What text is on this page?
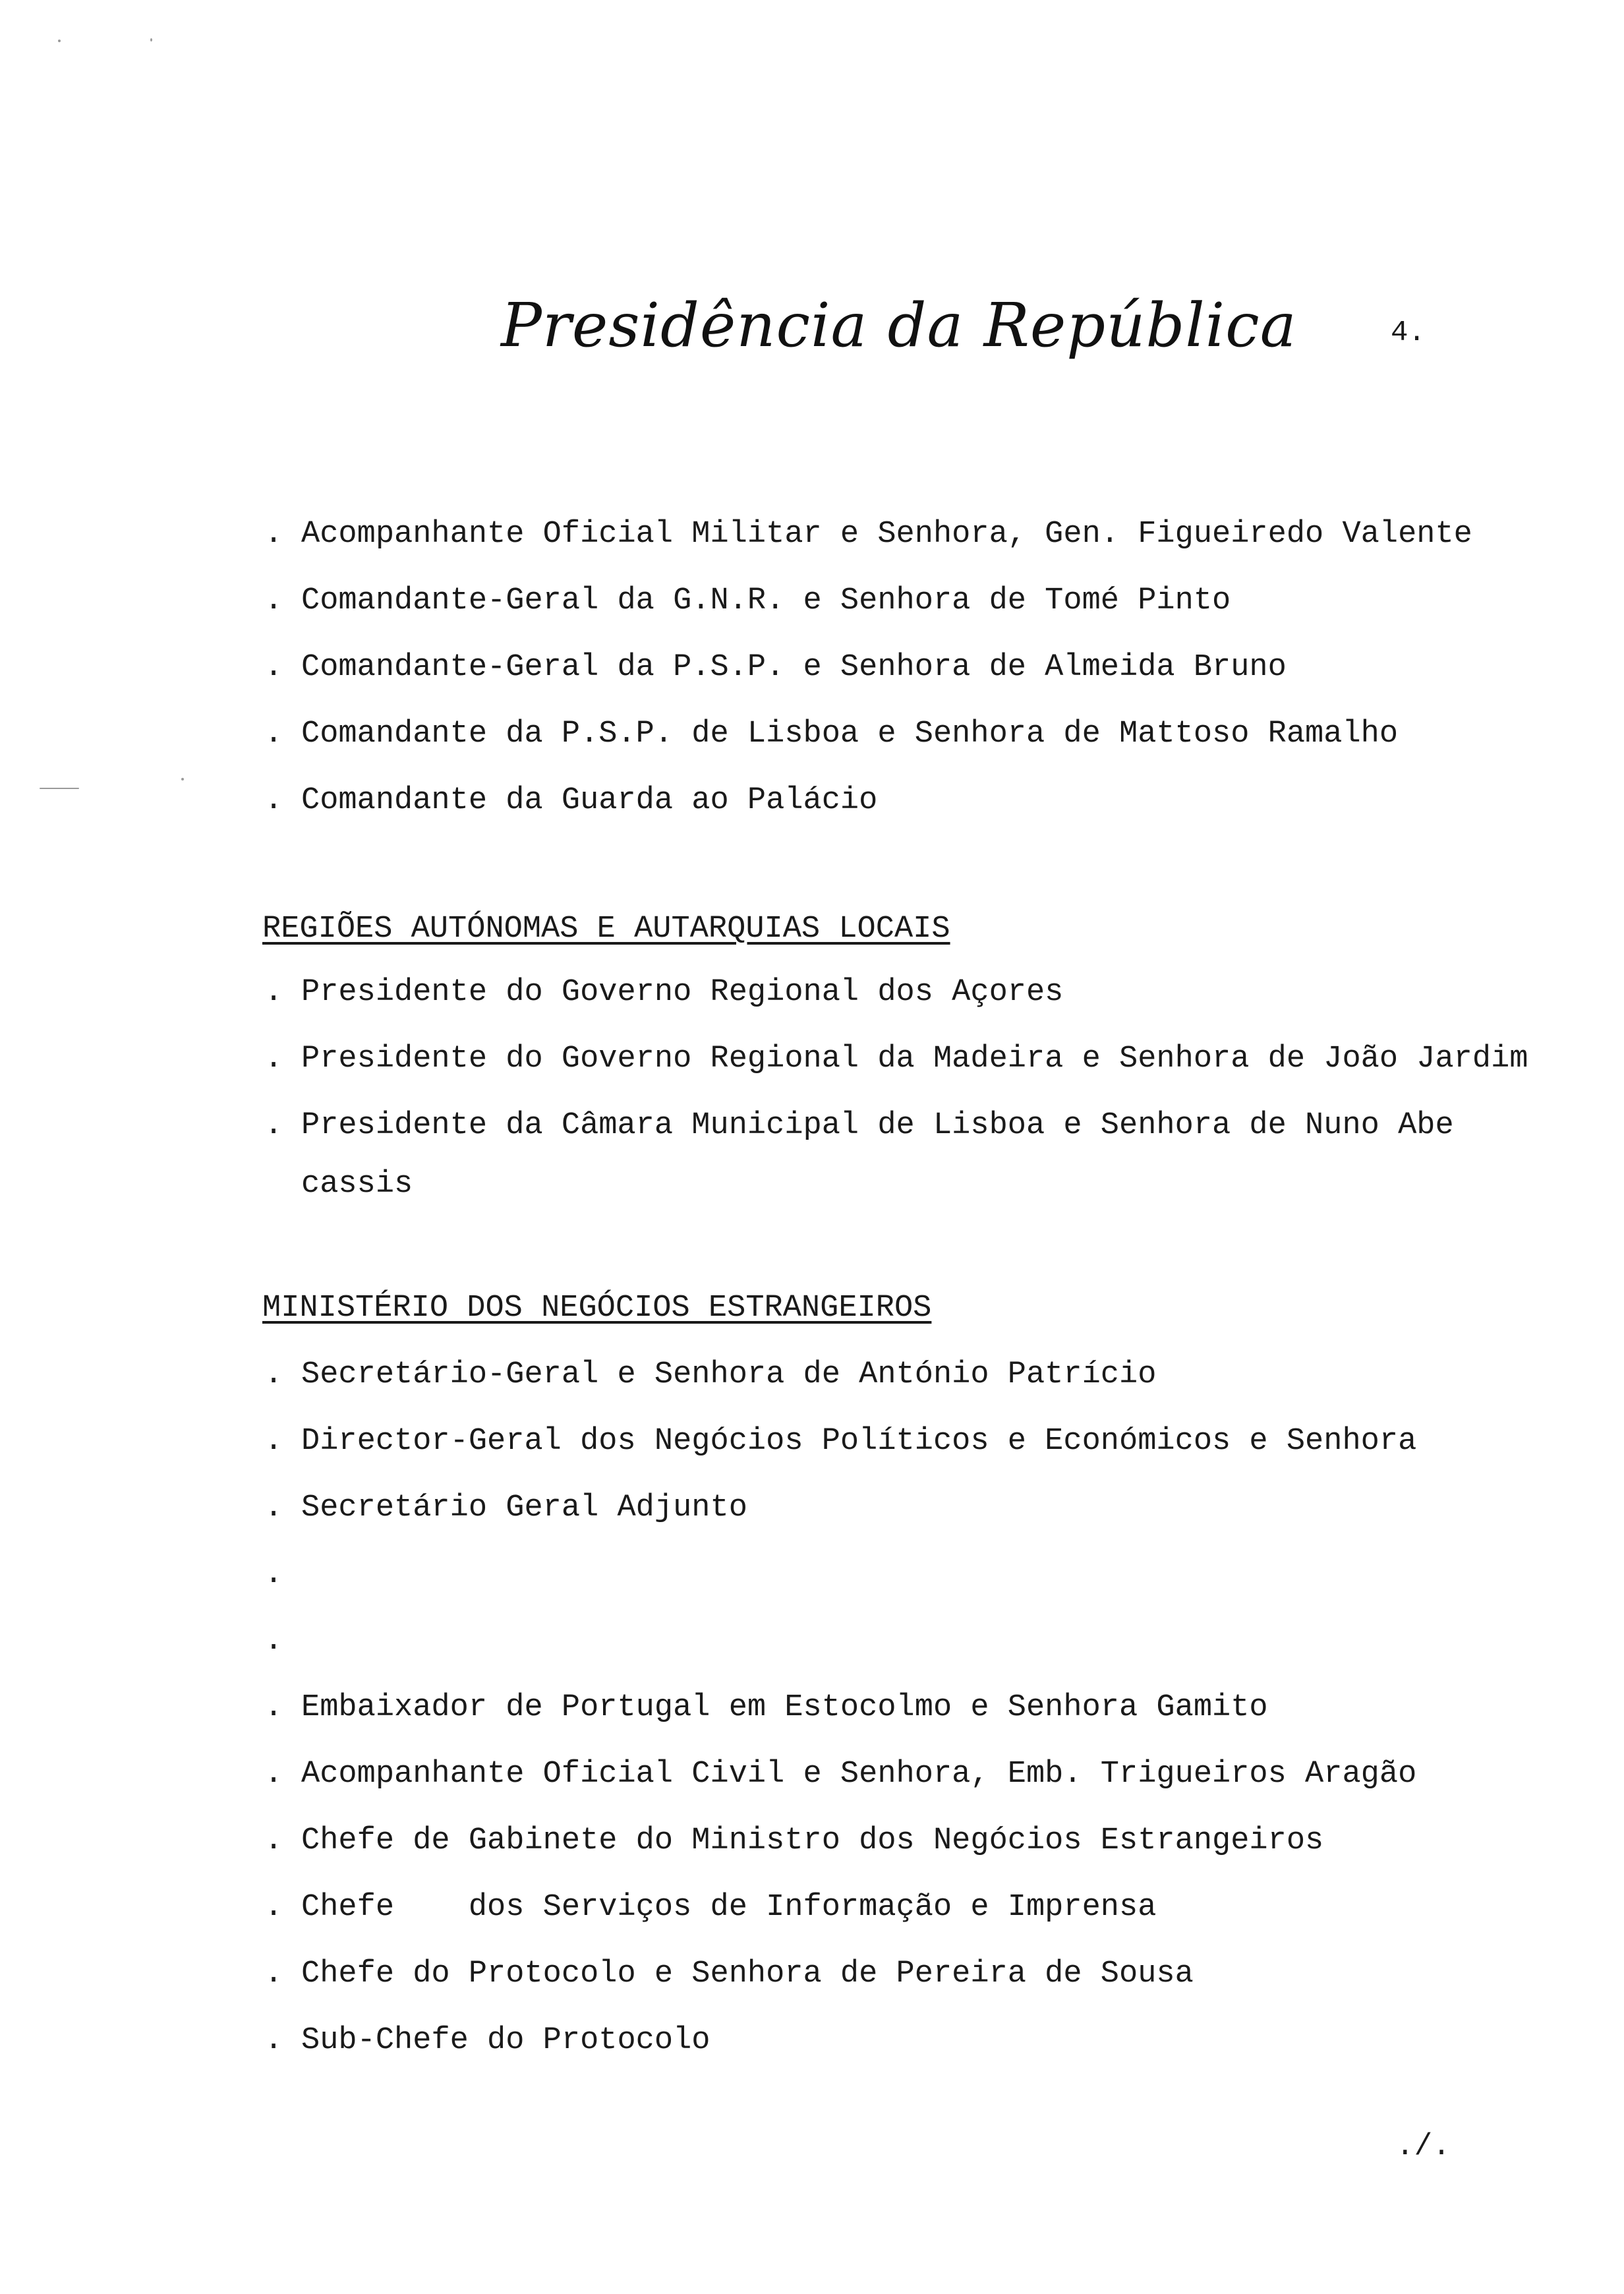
Presidência da República	4.
. Acompanhante Oficial Militar e Senhora, Gen. Figueiredo Valente
. Comandante-Geral da G.N.R. e Senhora de Tomé Pinto
. Comandante-Geral da P.S.P. e Senhora de Almeida Bruno
. Comandante da P.S.P. de Lisboa e Senhora de Mattoso Ramalho
. Comandante da Guarda ao Palácio
REGIÕES AUTÓNOMAS E AUTARQUIAS LOCAIS
. Presidente do Governo Regional dos Açores
. Presidente do Governo Regional da Madeira e Senhora de João Jardim
. Presidente da Câmara Municipal de Lisboa e Senhora de Nuno Abe
cassis
MINISTÉRIO DOS NEGÓCIOS ESTRANGEIROS
. Secretário-Geral e Senhora de António Patrício
. Director-Geral dos Negócios Políticos e Económicos e Senhora
. Secretário Geral Adjunto
.
.
. Embaixador de Portugal em Estocolmo e Senhora Gamito
. Acompanhante Oficial Civil e Senhora, Emb. Trigueiros Aragão
. Chefe de Gabinete do Ministro dos Negócios Estrangeiros
. Chefe    dos Serviços de Informação e Imprensa
. Chefe do Protocolo e Senhora de Pereira de Sousa
. Sub-Chefe do Protocolo
./.
